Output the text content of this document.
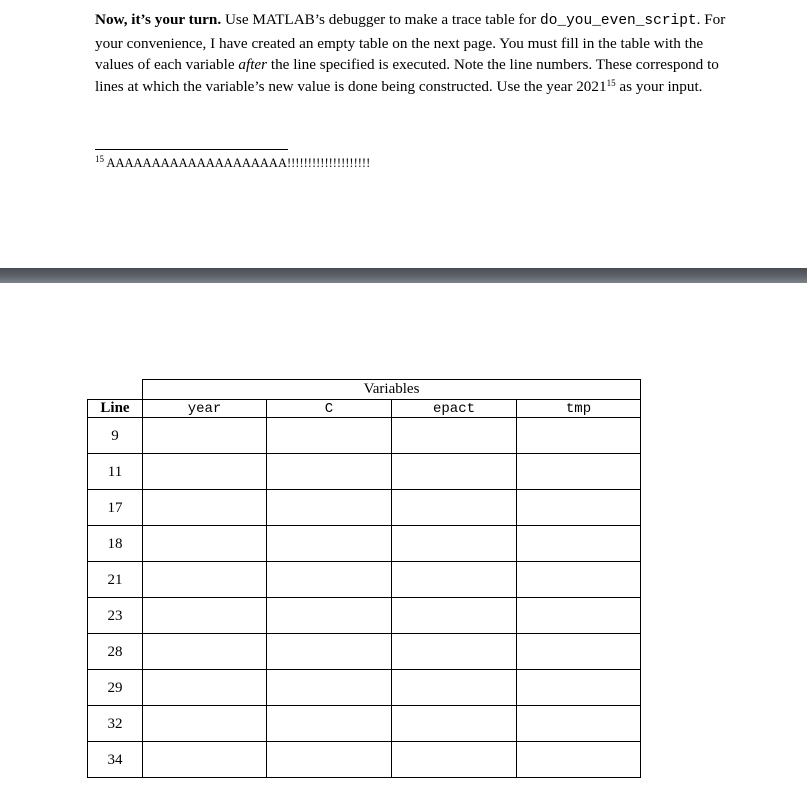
Now, it’s your turn. Use MATLAB’s debugger to make a trace table for do_you_even_script. For your convenience, I have created an empty table on the next page. You must fill in the table with the values of each variable after the line specified is executed. Note the line numbers. These correspond to lines at which the variable’s new value is done being constructed. Use the year 2021$^{15}$ as your input.
$^{15}$ AAAAAAAAAAAAAAAAAAAA!!!!!!!!!!!!!!!!!!!!
	Variables			
Line	year	C	epact	tmp
9				
11				
17				
18				
21				
23				
28				
29				
32				
34				
